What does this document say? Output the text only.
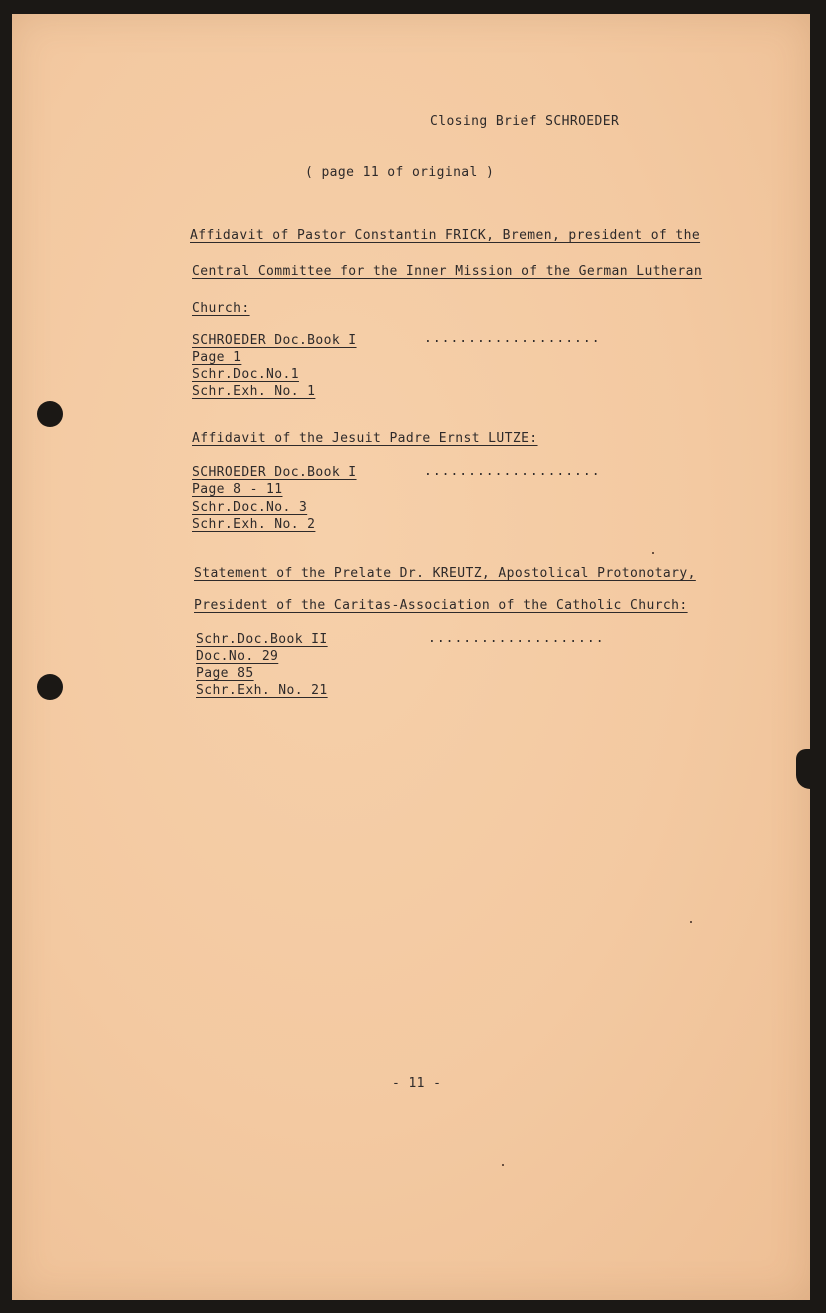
Closing Brief SCHROEDER
( page 11 of original )
Affidavit of Pastor Constantin FRICK, Bremen, president of the
Central Committee for the Inner Mission of the German Lutheran
Church:
SCHROEDER Doc.Book I
Page 1
Schr.Doc.No.1
Schr.Exh. No. 1
....................
Affidavit of the Jesuit Padre Ernst LUTZE:
SCHROEDER Doc.Book I
Page 8 - 11
Schr.Doc.No. 3
Schr.Exh. No. 2
....................
Statement of the Prelate Dr. KREUTZ, Apostolical Protonotary,
President of the Caritas-Association of the Catholic Church:
Schr.Doc.Book II
Doc.No. 29
Page 85
Schr.Exh. No. 21
....................
- 11 -
